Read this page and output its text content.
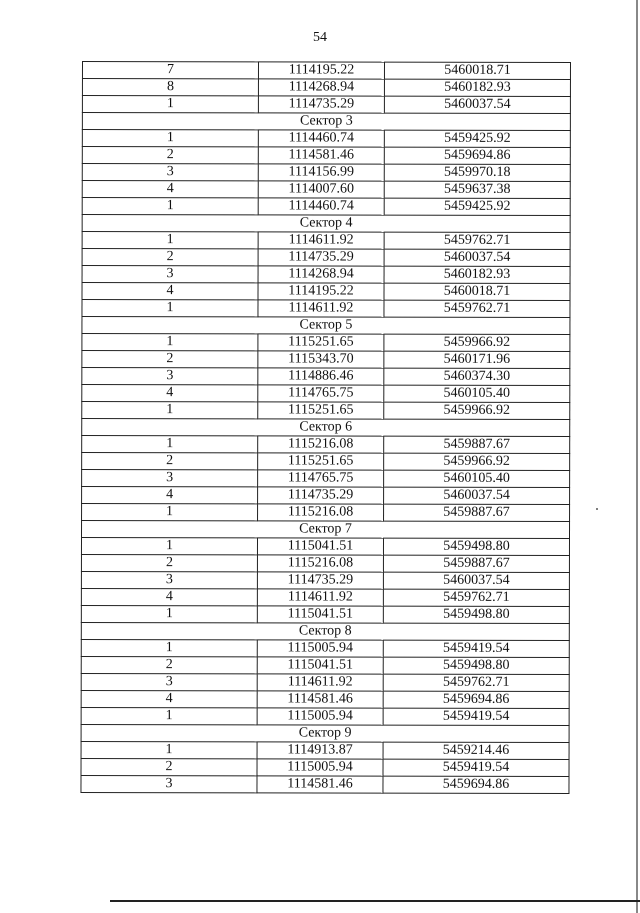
54
7	1114195.22	5460018.71
8	1114268.94	5460182.93
1	1114735.29	5460037.54
Сектор 3		
1	1114460.74	5459425.92
2	1114581.46	5459694.86
3	1114156.99	5459970.18
4	1114007.60	5459637.38
1	1114460.74	5459425.92
Сектор 4		
1	1114611.92	5459762.71
2	1114735.29	5460037.54
3	1114268.94	5460182.93
4	1114195.22	5460018.71
1	1114611.92	5459762.71
Сектор 5		
1	1115251.65	5459966.92
2	1115343.70	5460171.96
3	1114886.46	5460374.30
4	1114765.75	5460105.40
1	1115251.65	5459966.92
Сектор 6		
1	1115216.08	5459887.67
2	1115251.65	5459966.92
3	1114765.75	5460105.40
4	1114735.29	5460037.54
1	1115216.08	5459887.67
Сектор 7		
1	1115041.51	5459498.80
2	1115216.08	5459887.67
3	1114735.29	5460037.54
4	1114611.92	5459762.71
1	1115041.51	5459498.80
Сектор 8		
1	1115005.94	5459419.54
2	1115041.51	5459498.80
3	1114611.92	5459762.71
4	1114581.46	5459694.86
1	1115005.94	5459419.54
Сектор 9		
1	1114913.87	5459214.46
2	1115005.94	5459419.54
3	1114581.46	5459694.86
